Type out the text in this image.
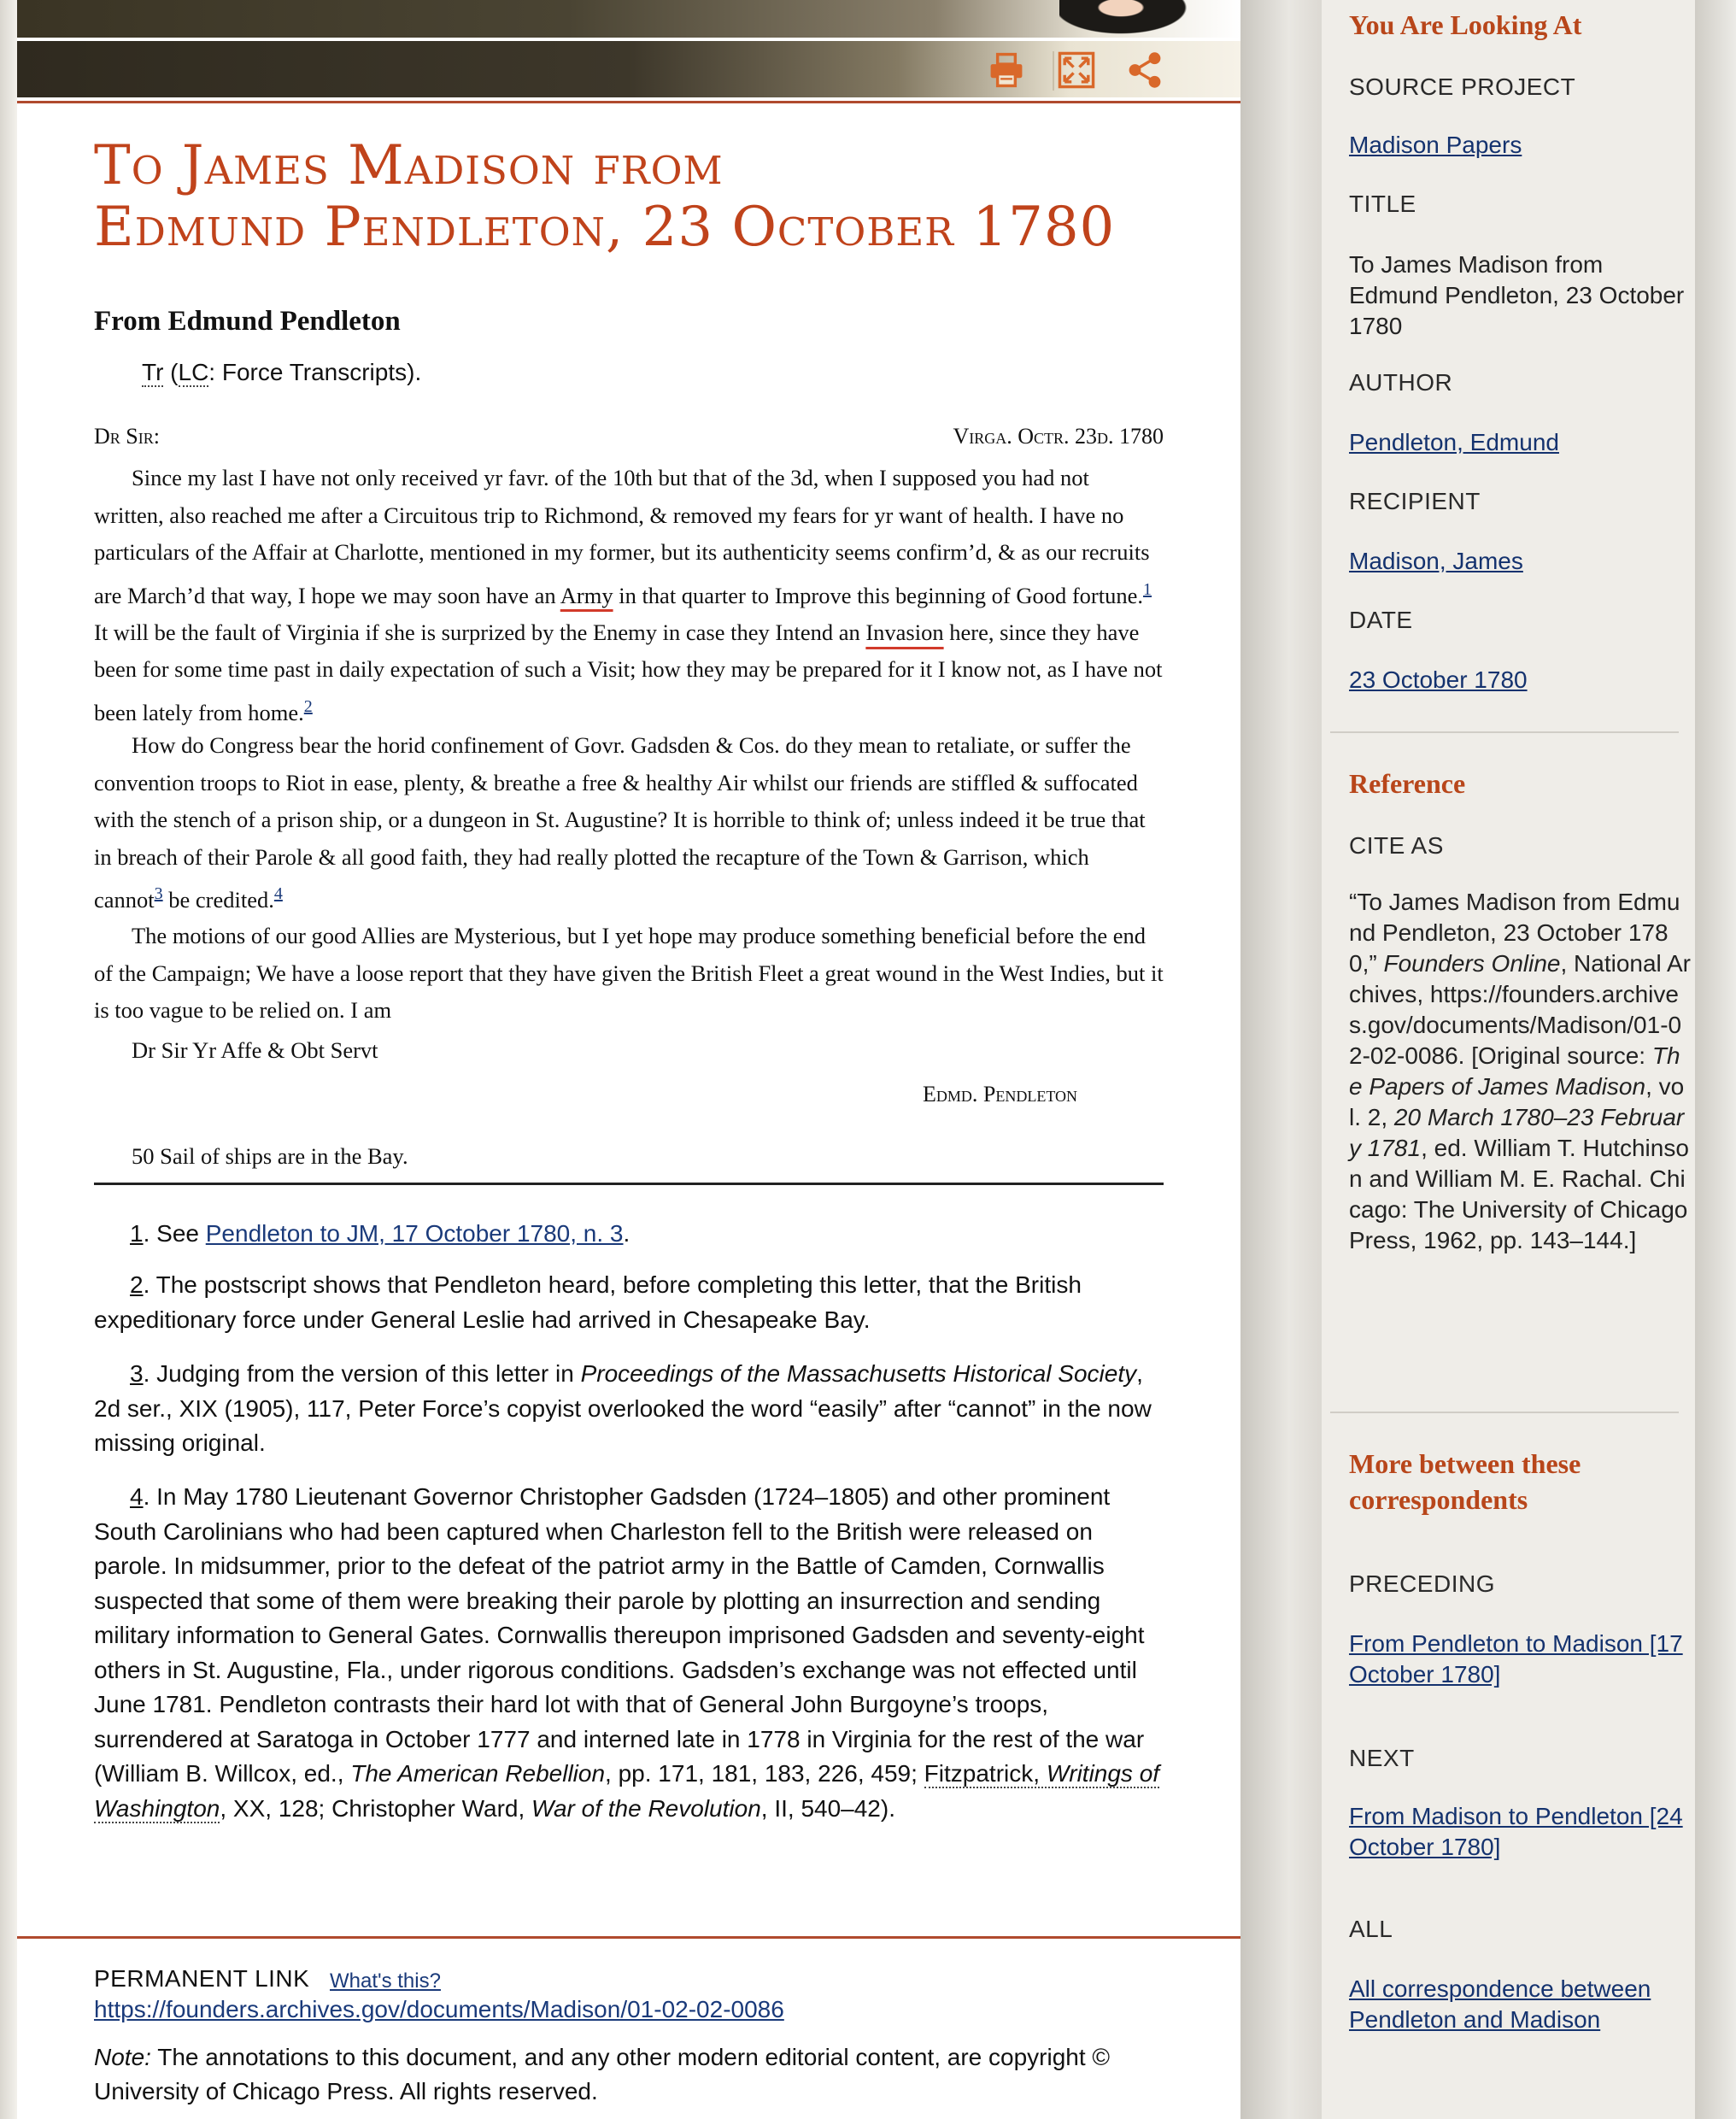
To James Madison from
Edmund Pendleton, 23 October 1780
From Edmund Pendleton
Tr (LC: Force Transcripts).
Dr Sir:	Virga. Octr. 23d. 1780

Since my last I have not only received yr favr. of the 10th but that of the 3d, when I supposed you had not written, also reached me after a Circuitous trip to Richmond, & removed my fears for yr want of health. I have no particulars of the Affair at Charlotte, mentioned in my former, but its authenticity seems confirm’d, & as our recruits are March’d that way, I hope we may soon have an Army in that quarter to Improve this beginning of Good fortune.$^1$ It will be the fault of Virginia if she is surprized by the Enemy in case they Intend an Invasion here, since they have been for some time past in daily expectation of such a Visit; how they may be prepared for it I know not, as I have not been lately from home.$^2$

How do Congress bear the horid confinement of Govr. Gadsden & Cos. do they mean to retaliate, or suffer the convention troops to Riot in ease, plenty, & breathe a free & healthy Air whilst our friends are stiffled & suffocated with the stench of a prison ship, or a dungeon in St. Augustine? It is horrible to think of; unless indeed it be true that in breach of their Parole & all good faith, they had really plotted the recapture of the Town & Garrison, which cannot$^3$ be credited.$^4$

The motions of our good Allies are Mysterious, but I yet hope may produce something beneficial before the end of the Campaign; We have a loose report that they have given the British Fleet a great wound in the West Indies, but it is too vague to be relied on. I am

Dr Sir Yr Affe & Obt Servt
Edmd. Pendleton
50 Sail of ships are in the Bay.

1. See Pendleton to JM, 17 October 1780, n. 3.

2. The postscript shows that Pendleton heard, before completing this letter, that the British expeditionary force under General Leslie had arrived in Chesapeake Bay.

3. Judging from the version of this letter in Proceedings of the Massachusetts Historical Society, 2d ser., XIX (1905), 117, Peter Force’s copyist overlooked the word “easily” after “cannot” in the now missing original.

4. In May 1780 Lieutenant Governor Christopher Gadsden (1724–1805) and other prominent South Carolinians who had been captured when Charleston fell to the British were released on parole. In midsummer, prior to the defeat of the patriot army in the Battle of Camden, Cornwallis suspected that some of them were breaking their parole by plotting an insurrection and sending military information to General Gates. Cornwallis thereupon imprisoned Gadsden and seventy-eight others in St. Augustine, Fla., under rigorous conditions. Gadsden’s exchange was not effected until June 1781. Pendleton contrasts their hard lot with that of General John Burgoyne’s troops, surrendered at Saratoga in October 1777 and interned late in 1778 in Virginia for the rest of the war (William B. Willcox, ed., The American Rebellion, pp. 171, 181, 183, 226, 459; Fitzpatrick, Writings of Washington, XX, 128; Christopher Ward, War of the Revolution, II, 540–42).

PERMANENT LINK What's this?
https://founders.archives.gov/documents/Madison/01-02-02-0086

Note: The annotations to this document, and any other modern editorial content, are copyright © University of Chicago Press. All rights reserved.

You Are Looking At
SOURCE PROJECT
Madison Papers
TITLE
To James Madison from Edmund Pendleton, 23 October 1780
AUTHOR
Pendleton, Edmund
RECIPIENT
Madison, James
DATE
23 October 1780
Reference
CITE AS
“To James Madison from Edmund Pendleton, 23 October 1780,” Founders Online, National Archives, https://founders.archives.gov/documents/Madison/01-02-02-0086. [Original source: The Papers of James Madison, vol. 2, 20 March 1780–23 February 1781, ed. William T. Hutchinson and William M. E. Rachal. Chicago: The University of Chicago Press, 1962, pp. 143–144.]
More between these correspondents
PRECEDING
From Pendleton to Madison [17 October 1780]
NEXT
From Madison to Pendleton [24 October 1780]
ALL
All correspondence between Pendleton and Madison
